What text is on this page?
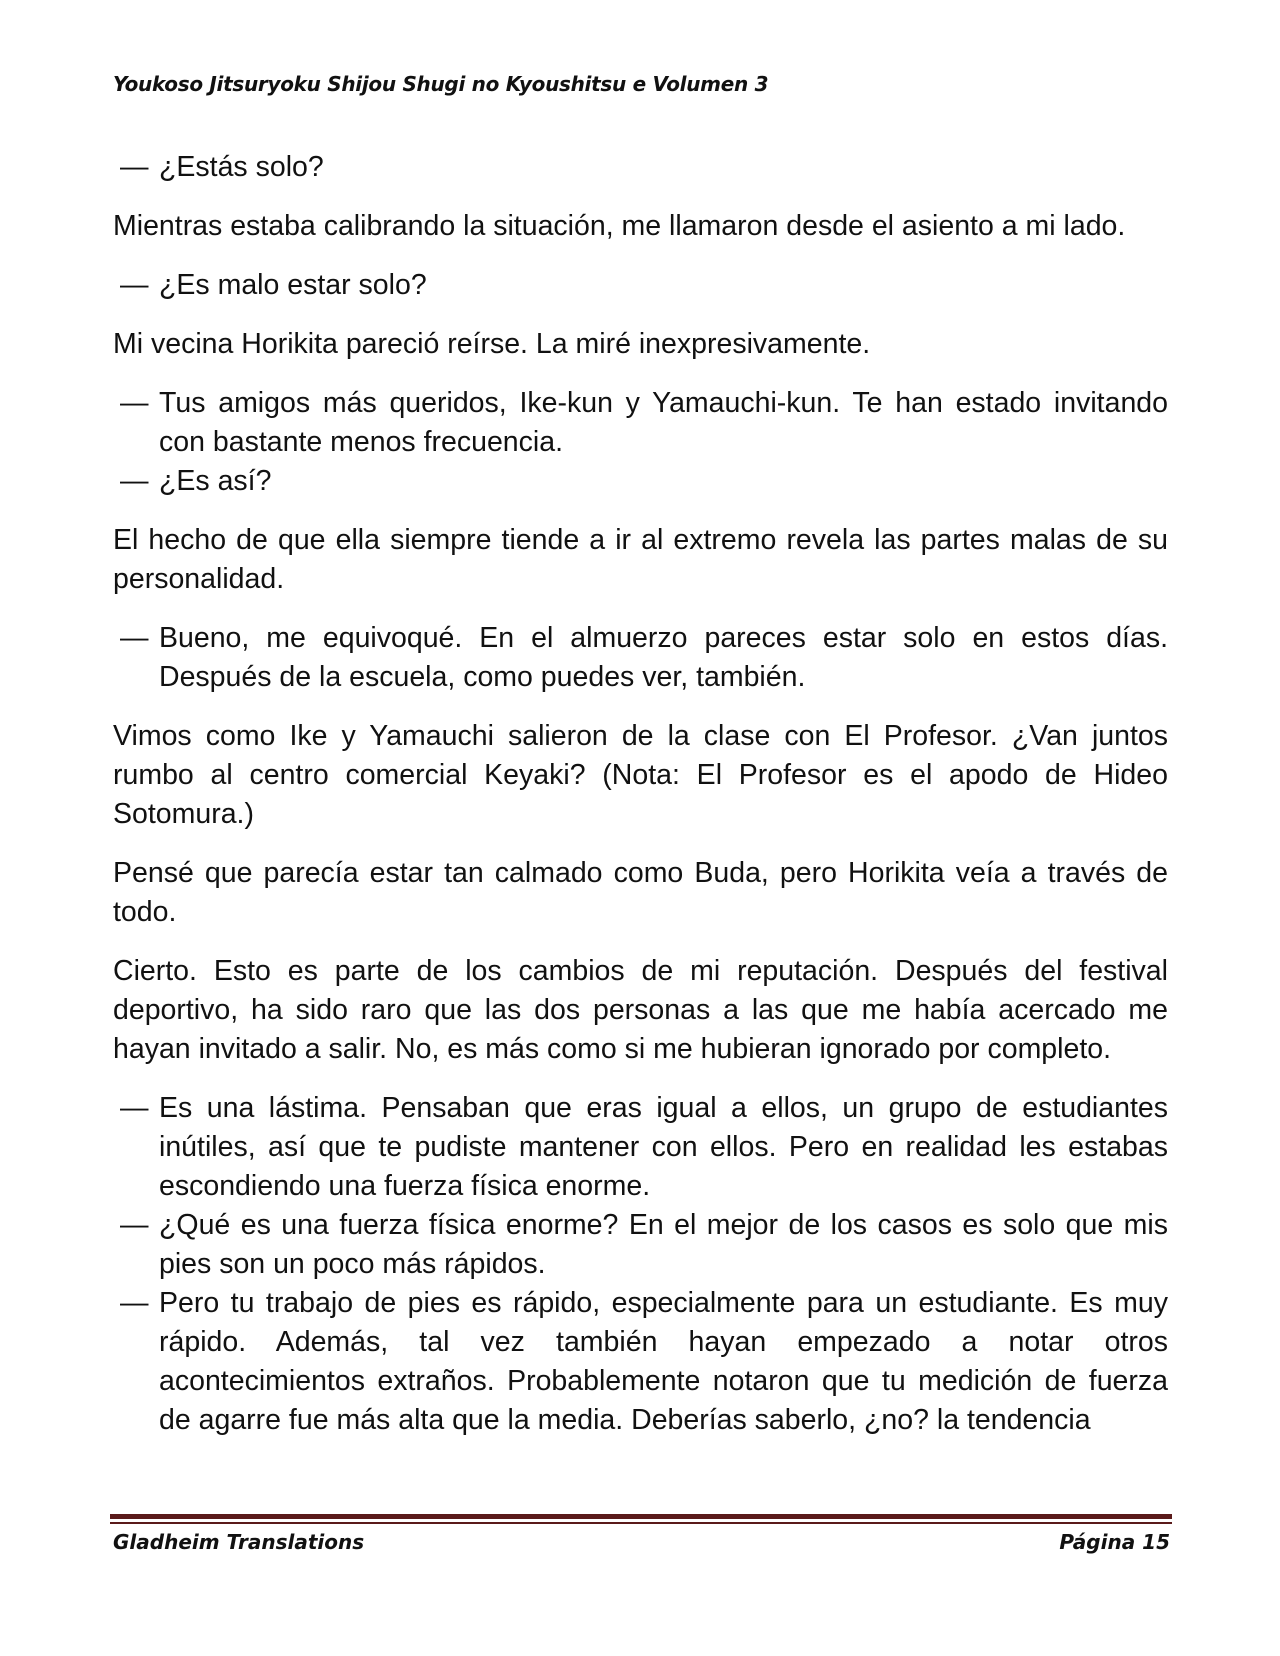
Youkoso Jitsuryoku Shijou Shugi no Kyoushitsu e Volumen 3

— ¿Estás solo?

Mientras estaba calibrando la situación, me llamaron desde el asiento a mi lado.

— ¿Es malo estar solo?

Mi vecina Horikita pareció reírse. La miré inexpresivamente.

— Tus amigos más queridos, Ike-kun y Yamauchi-kun. Te han estado invitando con bastante menos frecuencia.

— ¿Es así?

El hecho de que ella siempre tiende a ir al extremo revela las partes malas de su personalidad.

— Bueno, me equivoqué. En el almuerzo pareces estar solo en estos días. Después de la escuela, como puedes ver, también.

Vimos como Ike y Yamauchi salieron de la clase con El Profesor. ¿Van juntos rumbo al centro comercial Keyaki? (Nota: El Profesor es el apodo de Hideo Sotomura.)

Pensé que parecía estar tan calmado como Buda, pero Horikita veía a través de todo.

Cierto. Esto es parte de los cambios de mi reputación. Después del festival deportivo, ha sido raro que las dos personas a las que me había acercado me hayan invitado a salir. No, es más como si me hubieran ignorado por completo.

— Es una lástima. Pensaban que eras igual a ellos, un grupo de estudiantes inútiles, así que te pudiste mantener con ellos. Pero en realidad les estabas escondiendo una fuerza física enorme.

— ¿Qué es una fuerza física enorme? En el mejor de los casos es solo que mis pies son un poco más rápidos.

— Pero tu trabajo de pies es rápido, especialmente para un estudiante. Es muy rápido. Además, tal vez también hayan empezado a notar otros acontecimientos extraños. Probablemente notaron que tu medición de fuerza de agarre fue más alta que la media. Deberías saberlo, ¿no? la tendencia

Gladheim Translations	Página 15
